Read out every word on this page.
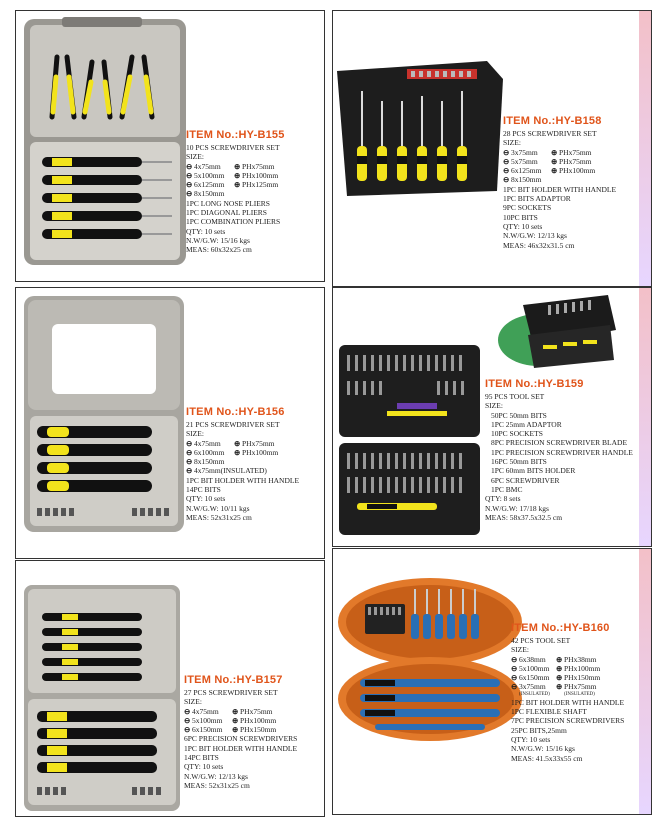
ITEM No.:HY-B155
10 PCS SCREWDRIVER SET
SIZE:
⊖ 4x75mm	⊕ PHx75mm
⊖ 5x100mm	⊕ PHx100mm
⊖ 6x125mm	⊕ PHx125mm
⊖ 8x150mm
1PC LONG NOSE PLIERS
1PC DIAGONAL PLIERS
1PC COMBINATION PLIERS
QTY: 10 sets
N.W/G.W: 15/16 kgs
MEAS: 60x32x25 cm
ITEM No.:HY-B158
28 PCS SCREWDRIVER SET
SIZE:
⊖ 3x75mm	⊕ PHx75mm
⊖ 5x75mm	⊕ PHx75mm
⊖ 6x125mm	⊕ PHx100mm
⊖ 8x150mm
1PC BIT HOLDER WITH HANDLE
1PC BITS ADAPTOR
9PC SOCKETS
10PC BITS
QTY: 10 sets
N.W/G.W: 12/13 kgs
MEAS: 46x32x31.5 cm
ITEM No.:HY-B156
21 PCS SCREWDRIVER SET
SIZE:
⊖ 4x75mm	⊕ PHx75mm
⊖ 6x100mm	⊕ PHx100mm
⊖ 8x150mm
⊖ 4x75mm(INSULATED)
1PC BIT HOLDER WITH HANDLE
14PC BITS
QTY: 10 sets
N.W/G.W: 10/11 kgs
MEAS: 52x31x25 cm
ITEM No.:HY-B159
95 PCS TOOL SET
SIZE:
50PC 50mm BITS
1PC 25mm ADAPTOR
10PC SOCKETS
8PC PRECISION SCREWDRIVER BLADE
1PC PRECISION SCREWDRIVER HANDLE
16PC 50mm BITS
1PC 60mm BITS HOLDER
6PC SCREWDRIVER
1PC BMC
QTY: 8 sets
N.W/G.W: 17/18 kgs
MEAS: 58x37.5x32.5 cm
ITEM No.:HY-B157
27 PCS SCREWDRIVER SET
SIZE:
⊖ 4x75mm	⊕ PHx75mm
⊖ 5x100mm	⊕ PHx100mm
⊖ 6x150mm	⊕ PHx150mm
6PC PRECISION SCREWDRIVERS
1PC BIT HOLDER WITH HANDLE
14PC BITS
QTY: 10 sets
N.W/G.W: 12/13 kgs
MEAS: 52x31x25 cm
ITEM No.:HY-B160
42 PCS TOOL SET
SIZE:
⊖ 6x38mm	⊕ PHx38mm
⊖ 5x100mm ⊕ PHx100mm
⊖ 6x150mm ⊕ PHx150mm
⊖ 3x75mm	⊕ PHx75mm
(INSULATED)	(INSULATED)
1PC BIT HOLDER WITH HANDLE
1PC FLEXIBLE SHAFT
7PC PRECISION SCREWDRIVERS
25PC BITS,25mm
QTY: 10 sets
N.W/G.W: 15/16 kgs
MEAS: 41.5x33x55 cm
